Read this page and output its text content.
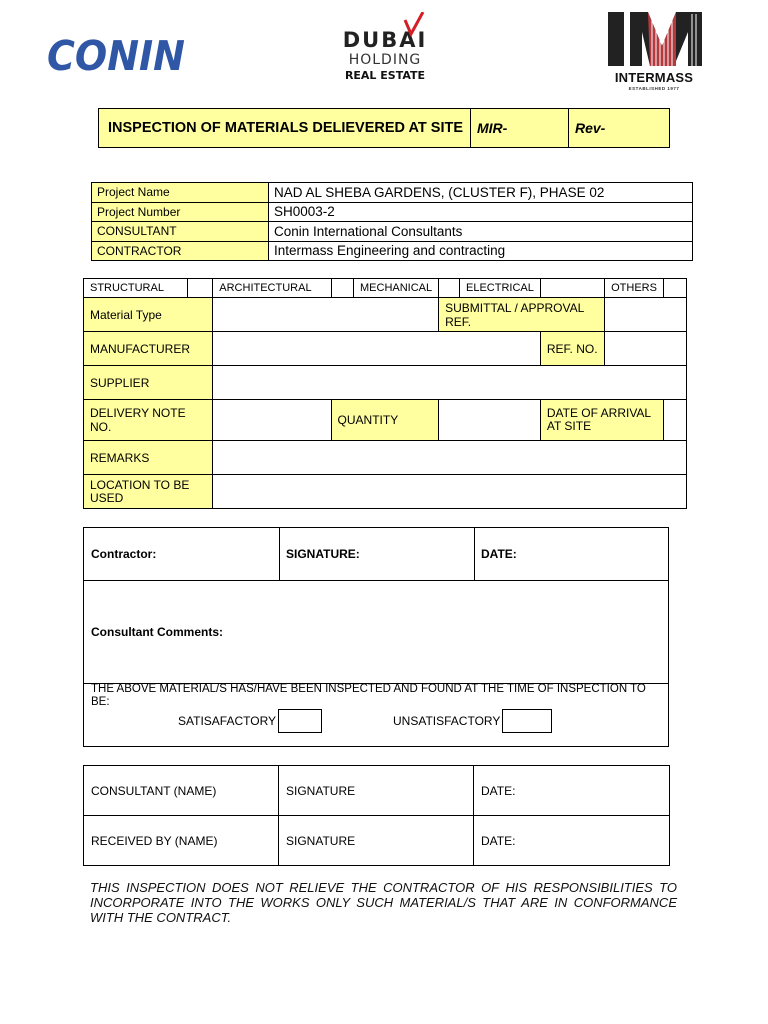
CONIN	DUBAI
HOLDING
REAL ESTATE	INTERMASS
ESTABLISHED 1977
INSPECTION OF MATERIALS DELIEVERED AT SITE	MIR-	Rev-
Project Name	NAD AL SHEBA GARDENS, (CLUSTER F), PHASE 02
Project Number	SH0003-2
CONSULTANT	Conin International Consultants
CONTRACTOR	Intermass Engineering and contracting
STRUCTURAL		ARCHITECTURAL		MECHANICAL		ELECTRICAL		OTHERS	
Material Type					SUBMITTAL / APPROVAL REF.				
MANUFACTURER							REF. NO.		
SUPPLIER									
DELIVERY NOTE NO.			QUANTITY				DATE OF ARRIVAL AT SITE		
REMARKS									
LOCATION TO BE USED									
Contractor:	SIGNATURE:	DATE:
Consultant Comments:
THE ABOVE MATERIAL/S HAS/HAVE BEEN INSPECTED AND FOUND AT THE TIME OF INSPECTION TO BE:
SATISAFACTORY	UNSATISFACTORY
CONSULTANT (NAME)	SIGNATURE	DATE:
RECEIVED BY (NAME)	SIGNATURE	DATE:
THIS INSPECTION DOES NOT RELIEVE THE CONTRACTOR OF HIS RESPONSIBILITIES TO INCORPORATE INTO THE WORKS ONLY SUCH MATERIAL/S THAT ARE IN CONFORMANCE WITH THE CONTRACT.
